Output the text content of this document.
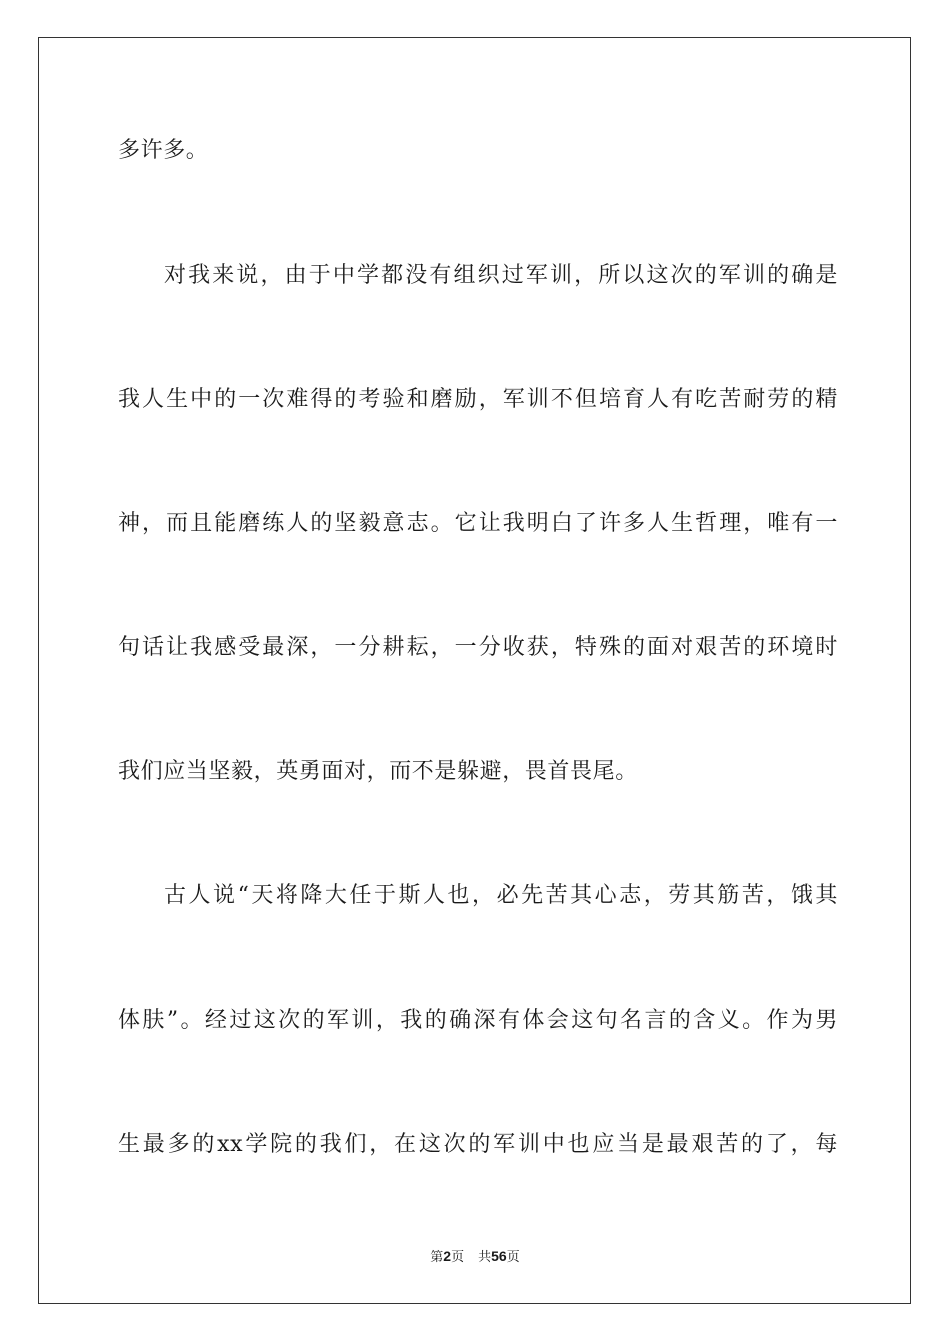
多许多。
对我来说，由于中学都没有组织过军训，所以这次的军训的确是
我人生中的一次难得的考验和磨励，军训不但培育人有吃苦耐劳的精
神，而且能磨练人的坚毅意志。它让我明白了许多人生哲理，唯有一
句话让我感受最深，一分耕耘，一分收获，特殊的面对艰苦的环境时
我们应当坚毅，英勇面对，而不是躲避，畏首畏尾。
古人说“天将降大任于斯人也，必先苦其心志，劳其筋苦，饿其
体肤”。经过这次的军训，我的确深有体会这句名言的含义。作为男
生最多的xx学院的我们，在这次的军训中也应当是最艰苦的了，每
第2页 共56页
